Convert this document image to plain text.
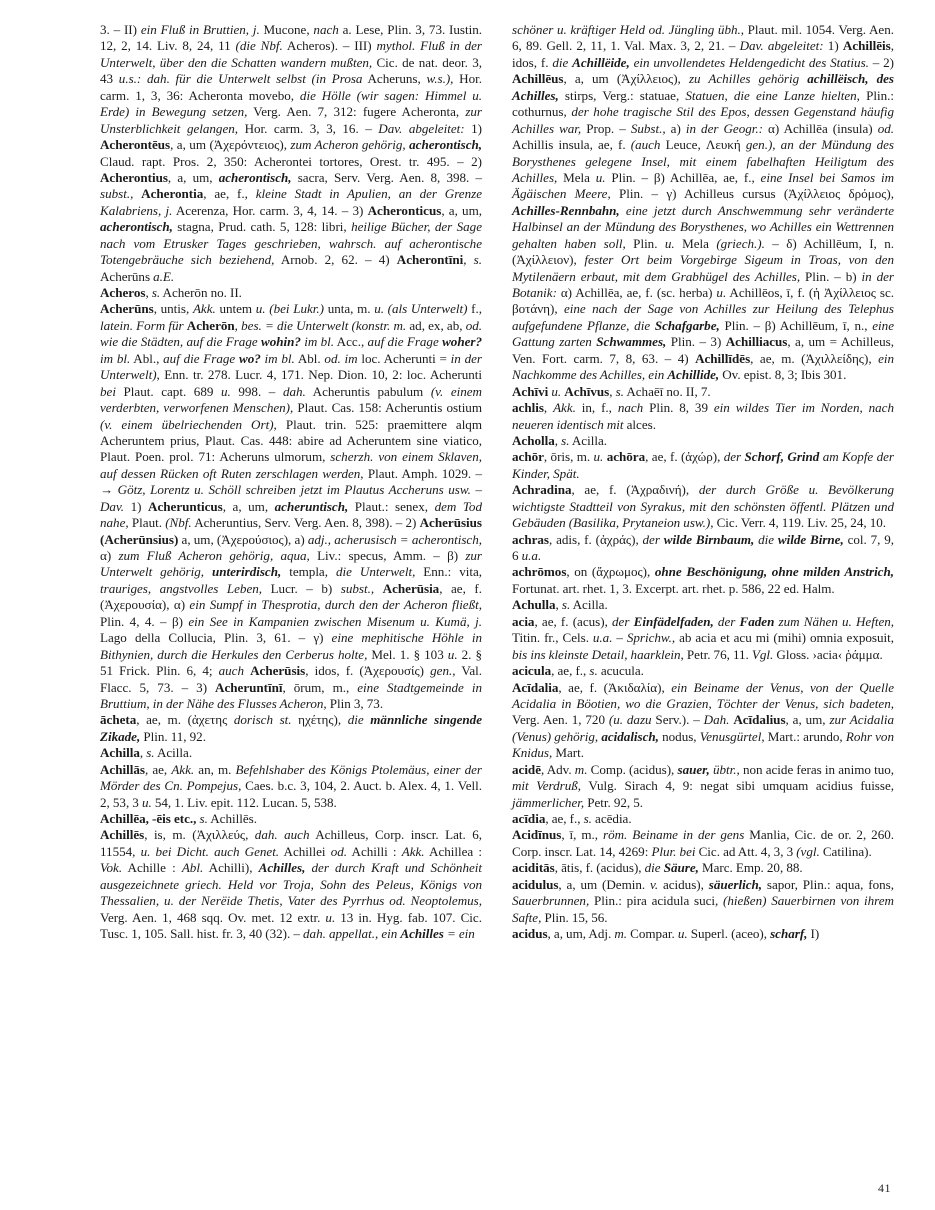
3. – II) ein Fluß in Bruttien, j. Mucone, nach a. Lese, Plin. 3, 73. Iustin. 12, 2, 14. Liv. 8, 24, 11 (die Nbf. Acheros). – III) mythol. Fluß in der Unterwelt, über den die Schatten wandern mußten, Cic. de nat. deor. 3, 43 u.s.: dah. für die Unterwelt selbst (in Prosa Acheruns, w.s.), Hor. carm. 1, 3, 36: Acheronta movebo, die Hölle (wir sagen: Himmel u. Erde) in Bewegung setzen, Verg. Aen. 7, 312: fugere Acheronta, zur Unsterblichkeit gelangen, Hor. carm. 3, 3, 16. – Dav. abgeleitet: 1) Acherontēus, a, um (Ἀχερόντειος), zum Acheron gehörig, acherontisch, Claud. rapt. Pros. 2, 350: Acherontei tortores, Orest. tr. 495. – 2) Acherontius, a, um, acherontisch, sacra, Serv. Verg. Aen. 8, 398. – subst., Acherontia, ae, f., kleine Stadt in Apulien, an der Grenze Kalabriens, j. Acerenza, Hor. carm. 3, 4, 14. – 3) Acheronticus, a, um, acherontisch, stagna, Prud. cath. 5, 128: libri, heilige Bücher, der Sage nach vom Etrusker Tages geschrieben, wahrsch. auf acherontische Totengebräuche sich beziehend, Arnob. 2, 62. – 4) Acherontīni, s. Acherūns a.E.

Acheros, s. Acherōn no. II.

Acherūns, untis, Akk. untem u. (bei Lukr.) unta, m. u. (als Unterwelt) f., latein. Form für Acherōn, bes. = die Unterwelt (konstr. m. ad, ex, ab, od. wie die Städten, auf die Frage wohin? im bl. Acc., auf die Frage woher? im bl. Abl., auf die Frage wo? im bl. Abl. od. im loc. Acherunti = in der Unterwelt), Enn. tr. 278. Lucr. 4, 171. Nep. Dion. 10, 2: loc. Acherunti bei Plaut. capt. 689 u. 998. – dah. Acheruntis pabulum (v. einem verderbten, verworfenen Menschen), Plaut. Cas. 158: Acheruntis ostium (v. einem übelriechenden Ort), Plaut. trin. 525: praemittere alqm Acheruntem prius, Plaut. Cas. 448: abire ad Acheruntem sine viatico, Plaut. Poen. prol. 71: Acheruns ulmorum, scherzh. von einem Sklaven, auf dessen Rücken oft Ruten zerschlagen werden, Plaut. Amph. 1029. – → Götz, Lorentz u. Schöll schreiben jetzt im Plautus Accheruns usw. – Dav. 1) Acherunticus, a, um, acheruntisch, Plaut.: senex, dem Tod nahe, Plaut. (Nbf. Acheruntius, Serv. Verg. Aen. 8, 398). – 2) Acherūsius (Acherūnsius) a, um, (Ἀχερούσιος), a) adj., acherusisch = acherontisch, α) zum Fluß Acheron gehörig, aqua, Liv.: specus, Amm. – β) zur Unterwelt gehörig, unterirdisch, templa, die Unterwelt, Enn.: vita, trauriges, angstvolles Leben, Lucr. – b) subst., Acherūsia, ae, f. (Ἀχερουσία), α) ein Sumpf in Thesprotia, durch den der Acheron fließt, Plin. 4, 4. – β) ein See in Kampanien zwischen Misenum u. Kumä, j. Lago della Collucia, Plin. 3, 61. – γ) eine mephitische Höhle in Bithynien, durch die Herkules den Cerberus holte, Mel. 1. § 103 u. 2. § 51 Frick. Plin. 6, 4; auch Acherūsis, idos, f. (Ἀχερουσίς) gen., Val. Flacc. 5, 73. – 3) Acheruntīnī, ōrum, m., eine Stadtgemeinde in Bruttium, in der Nähe des Flusses Acheron, Plin 3, 73.

ācheta, ae, m. (ἀχετης dorisch st. ηχέτης), die männliche singende Zikade, Plin. 11, 92.

Achilla, s. Acilla.

Achillās, ae, Akk. an, m. Befehlshaber des Königs Ptolemäus, einer der Mörder des Cn. Pompejus, Caes. b.c. 3, 104, 2. Auct. b. Alex. 4, 1. Vell. 2, 53, 3 u. 54, 1. Liv. epit. 112. Lucan. 5, 538.

Achillēa, -ēis etc., s. Achillēs.

Achillēs, is, m. (Ἀχιλλεύς, dah. auch Achilleus, Corp. inscr. Lat. 6, 11554, u. bei Dicht. auch Genet. Achillei od. Achilli : Akk. Achillea : Vok. Achille : Abl. Achilli), Achilles, der durch Kraft und Schönheit ausgezeichnete griech. Held vor Troja, Sohn des Peleus, Königs von Thessalien, u. der Nerëide Thetis, Vater des Pyrrhus od. Neoptolemus, Verg. Aen. 1, 468 sqq. Ov. met. 12 extr. u. 13 in. Hyg. fab. 107. Cic. Tusc. 1, 105. Sall. hist. fr. 3, 40 (32). – dah. appellat., ein Achilles = ein

schöner u. kräftiger Held od. Jüngling übh., Plaut. mil. 1054. Verg. Aen. 6, 89. Gell. 2, 11, 1. Val. Max. 3, 2, 21. – Dav. abgeleitet: 1) Achillēis, idos, f. die Achillëide, ein unvollendetes Heldengedicht des Statius. – 2) Achillēus, a, um (Ἀχίλλειος), zu Achilles gehörig achillëisch, des Achilles, stirps, Verg.: statuae, Statuen, die eine Lanze hielten, Plin.: cothurnus, der hohe tragische Stil des Epos, dessen Gegenstand häufig Achilles war, Prop. – Subst., a) in der Geogr.: α) Achillēa (insula) od. Achillis insula, ae, f. (auch Leuce, Λευκή gen.), an der Mündung des Borysthenes gelegene Insel, mit einem fabelhaften Heiligtum des Achilles, Mela u. Plin. – β) Achillēa, ae, f., eine Insel bei Samos im Ägäischen Meere, Plin. – γ) Achilleus cursus (Ἀχίλλειος δρόμος), Achilles-Rennbahn, eine jetzt durch Anschwemmung sehr veränderte Halbinsel an der Mündung des Borysthenes, wo Achilles ein Wettrennen gehalten haben soll, Plin. u. Mela (griech.). – δ) Achillēum, I, n. (Ἀχίλλειον), fester Ort beim Vorgebirge Sigeum in Troas, von den Mytilenäern erbaut, mit dem Grabhügel des Achilles, Plin. – b) in der Botanik: α) Achillēa, ae, f. (sc. herba) u. Achillēos, ī, f. (ἡ Ἀχίλλειος sc. βοτάνη), eine nach der Sage von Achilles zur Heilung des Telephus aufgefundene Pflanze, die Schafgarbe, Plin. – β) Achillēum, ī, n., eine Gattung zarten Schwammes, Plin. – 3) Achilliacus, a, um = Achilleus, Ven. Fort. carm. 7, 8, 63. – 4) Achillīdēs, ae, m. (Ἀχιλλείδης), ein Nachkomme des Achilles, ein Achillide, Ov. epist. 8, 3; Ibis 301.

Achīvi u. Achīvus, s. Achaēī no. II, 7.

achlis, Akk. in, f., nach Plin. 8, 39 ein wildes Tier im Norden, nach neueren identisch mit alces.

Acholla, s. Acilla.

achōr, ōris, m. u. achōra, ae, f. (ἀχώρ), der Schorf, Grind am Kopfe der Kinder, Spät.

Achradina, ae, f. (Ἀχραδινή), der durch Größe u. Bevölkerung wichtigste Stadtteil von Syrakus, mit den schönsten öffentl. Plätzen und Gebäuden (Basilika, Prytaneion usw.), Cic. Verr. 4, 119. Liv. 25, 24, 10.

achras, adis, f. (ἀχράς), der wilde Birnbaum, die wilde Birne, col. 7, 9, 6 u.a.

achrōmos, on (ἄχρωμος), ohne Beschönigung, ohne milden Anstrich, Fortunat. art. rhet. 1, 3. Excerpt. art. rhet. p. 586, 22 ed. Halm.

Achulla, s. Acilla.

acia, ae, f. (acus), der Einfädelfaden, der Faden zum Nähen u. Heften, Titin. fr., Cels. u.a. – Sprichw., ab acia et acu mi (mihi) omnia exposuit, bis ins kleinste Detail, haarklein, Petr. 76, 11. Vgl. Gloss. ›acia‹ ῥάμμα.

acicula, ae, f., s. acucula.

Acīdalia, ae, f. (Ἀκιδαλία), ein Beiname der Venus, von der Quelle Acidalia in Böotien, wo die Grazien, Töchter der Venus, sich badeten, Verg. Aen. 1, 720 (u. dazu Serv.). – Dah. Acīdalius, a, um, zur Acidalia (Venus) gehörig, acidalisch, nodus, Venusgürtel, Mart.: arundo, Rohr von Knidus, Mart.

acidē, Adv. m. Comp. (acidus), sauer, übtr., non acide feras in animo tuo, mit Verdruß, Vulg. Sirach 4, 9: negat sibi umquam acidius fuisse, jämmerlicher, Petr. 92, 5.

acīdia, ae, f., s. acēdia.

Acidīnus, ī, m., röm. Beiname in der gens Manlia, Cic. de or. 2, 260. Corp. inscr. Lat. 14, 4269: Plur. bei Cic. ad Att. 4, 3, 3 (vgl. Catilina).

aciditās, ātis, f. (acidus), die Säure, Marc. Emp. 20, 88.

acidulus, a, um (Demin. v. acidus), säuerlich, sapor, Plin.: aqua, fons, Sauerbrunnen, Plin.: pira acidula suci, (hießen) Sauerbirnen von ihrem Safte, Plin. 15, 56.

acidus, a, um, Adj. m. Compar. u. Superl. (aceo), scharf, I)

41
